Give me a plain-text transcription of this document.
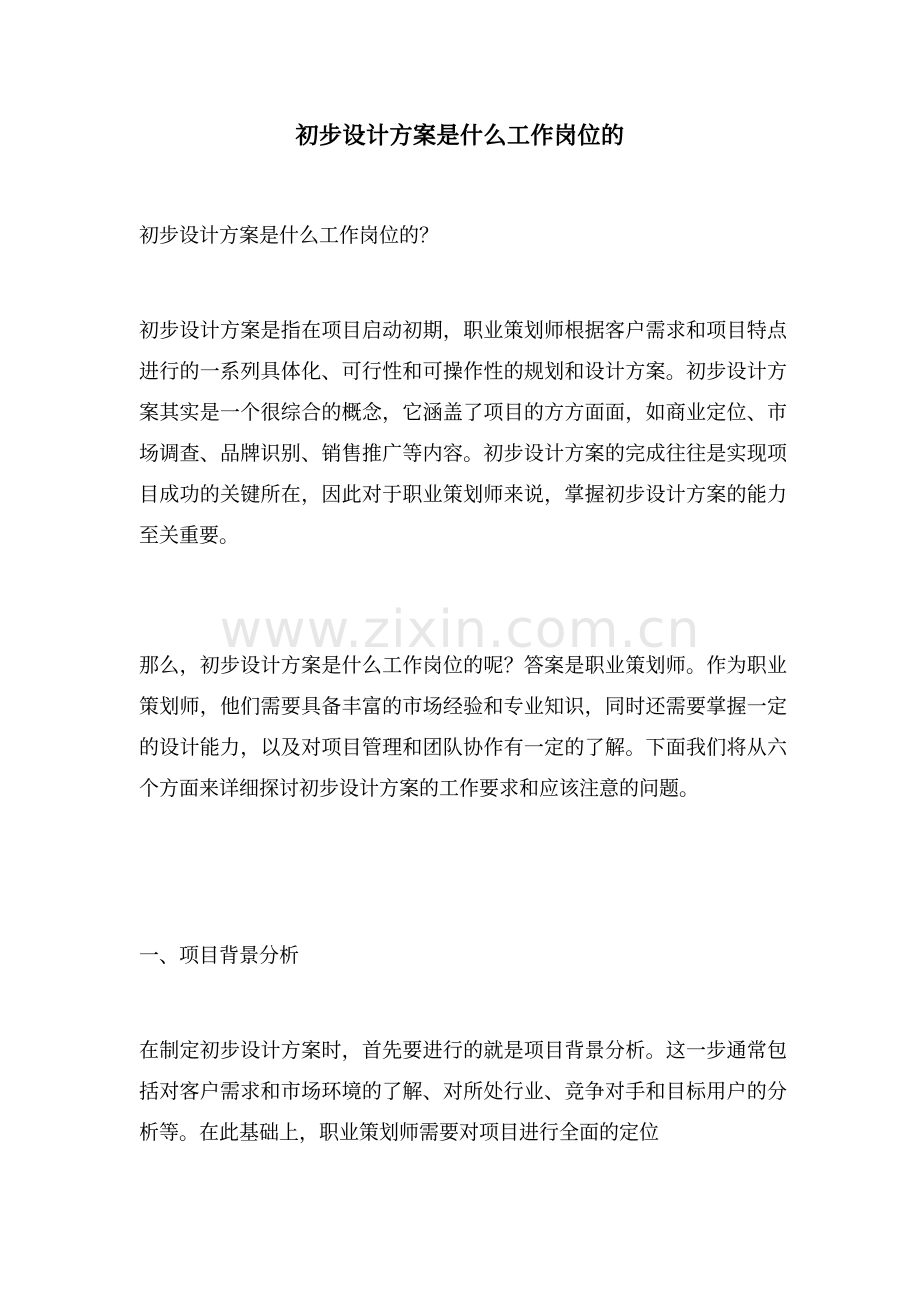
初步设计方案是什么工作岗位的

初步设计方案是什么工作岗位的？

初步设计方案是指在项目启动初期，职业策划师根据客户需求和项目特点进行的一系列具体化、可行性和可操作性的规划和设计方案。初步设计方案其实是一个很综合的概念，它涵盖了项目的方方面面，如商业定位、市场调查、品牌识别、销售推广等内容。初步设计方案的完成往往是实现项目成功的关键所在，因此对于职业策划师来说，掌握初步设计方案的能力至关重要。

那么，初步设计方案是什么工作岗位的呢？答案是职业策划师。作为职业策划师，他们需要具备丰富的市场经验和专业知识，同时还需要掌握一定的设计能力，以及对项目管理和团队协作有一定的了解。下面我们将从六个方面来详细探讨初步设计方案的工作要求和应该注意的问题。

一、项目背景分析

在制定初步设计方案时，首先要进行的就是项目背景分析。这一步通常包括对客户需求和市场环境的了解、对所处行业、竞争对手和目标用户的分析等。在此基础上，职业策划师需要对项目进行全面的定位

www.zixin.com.cn
